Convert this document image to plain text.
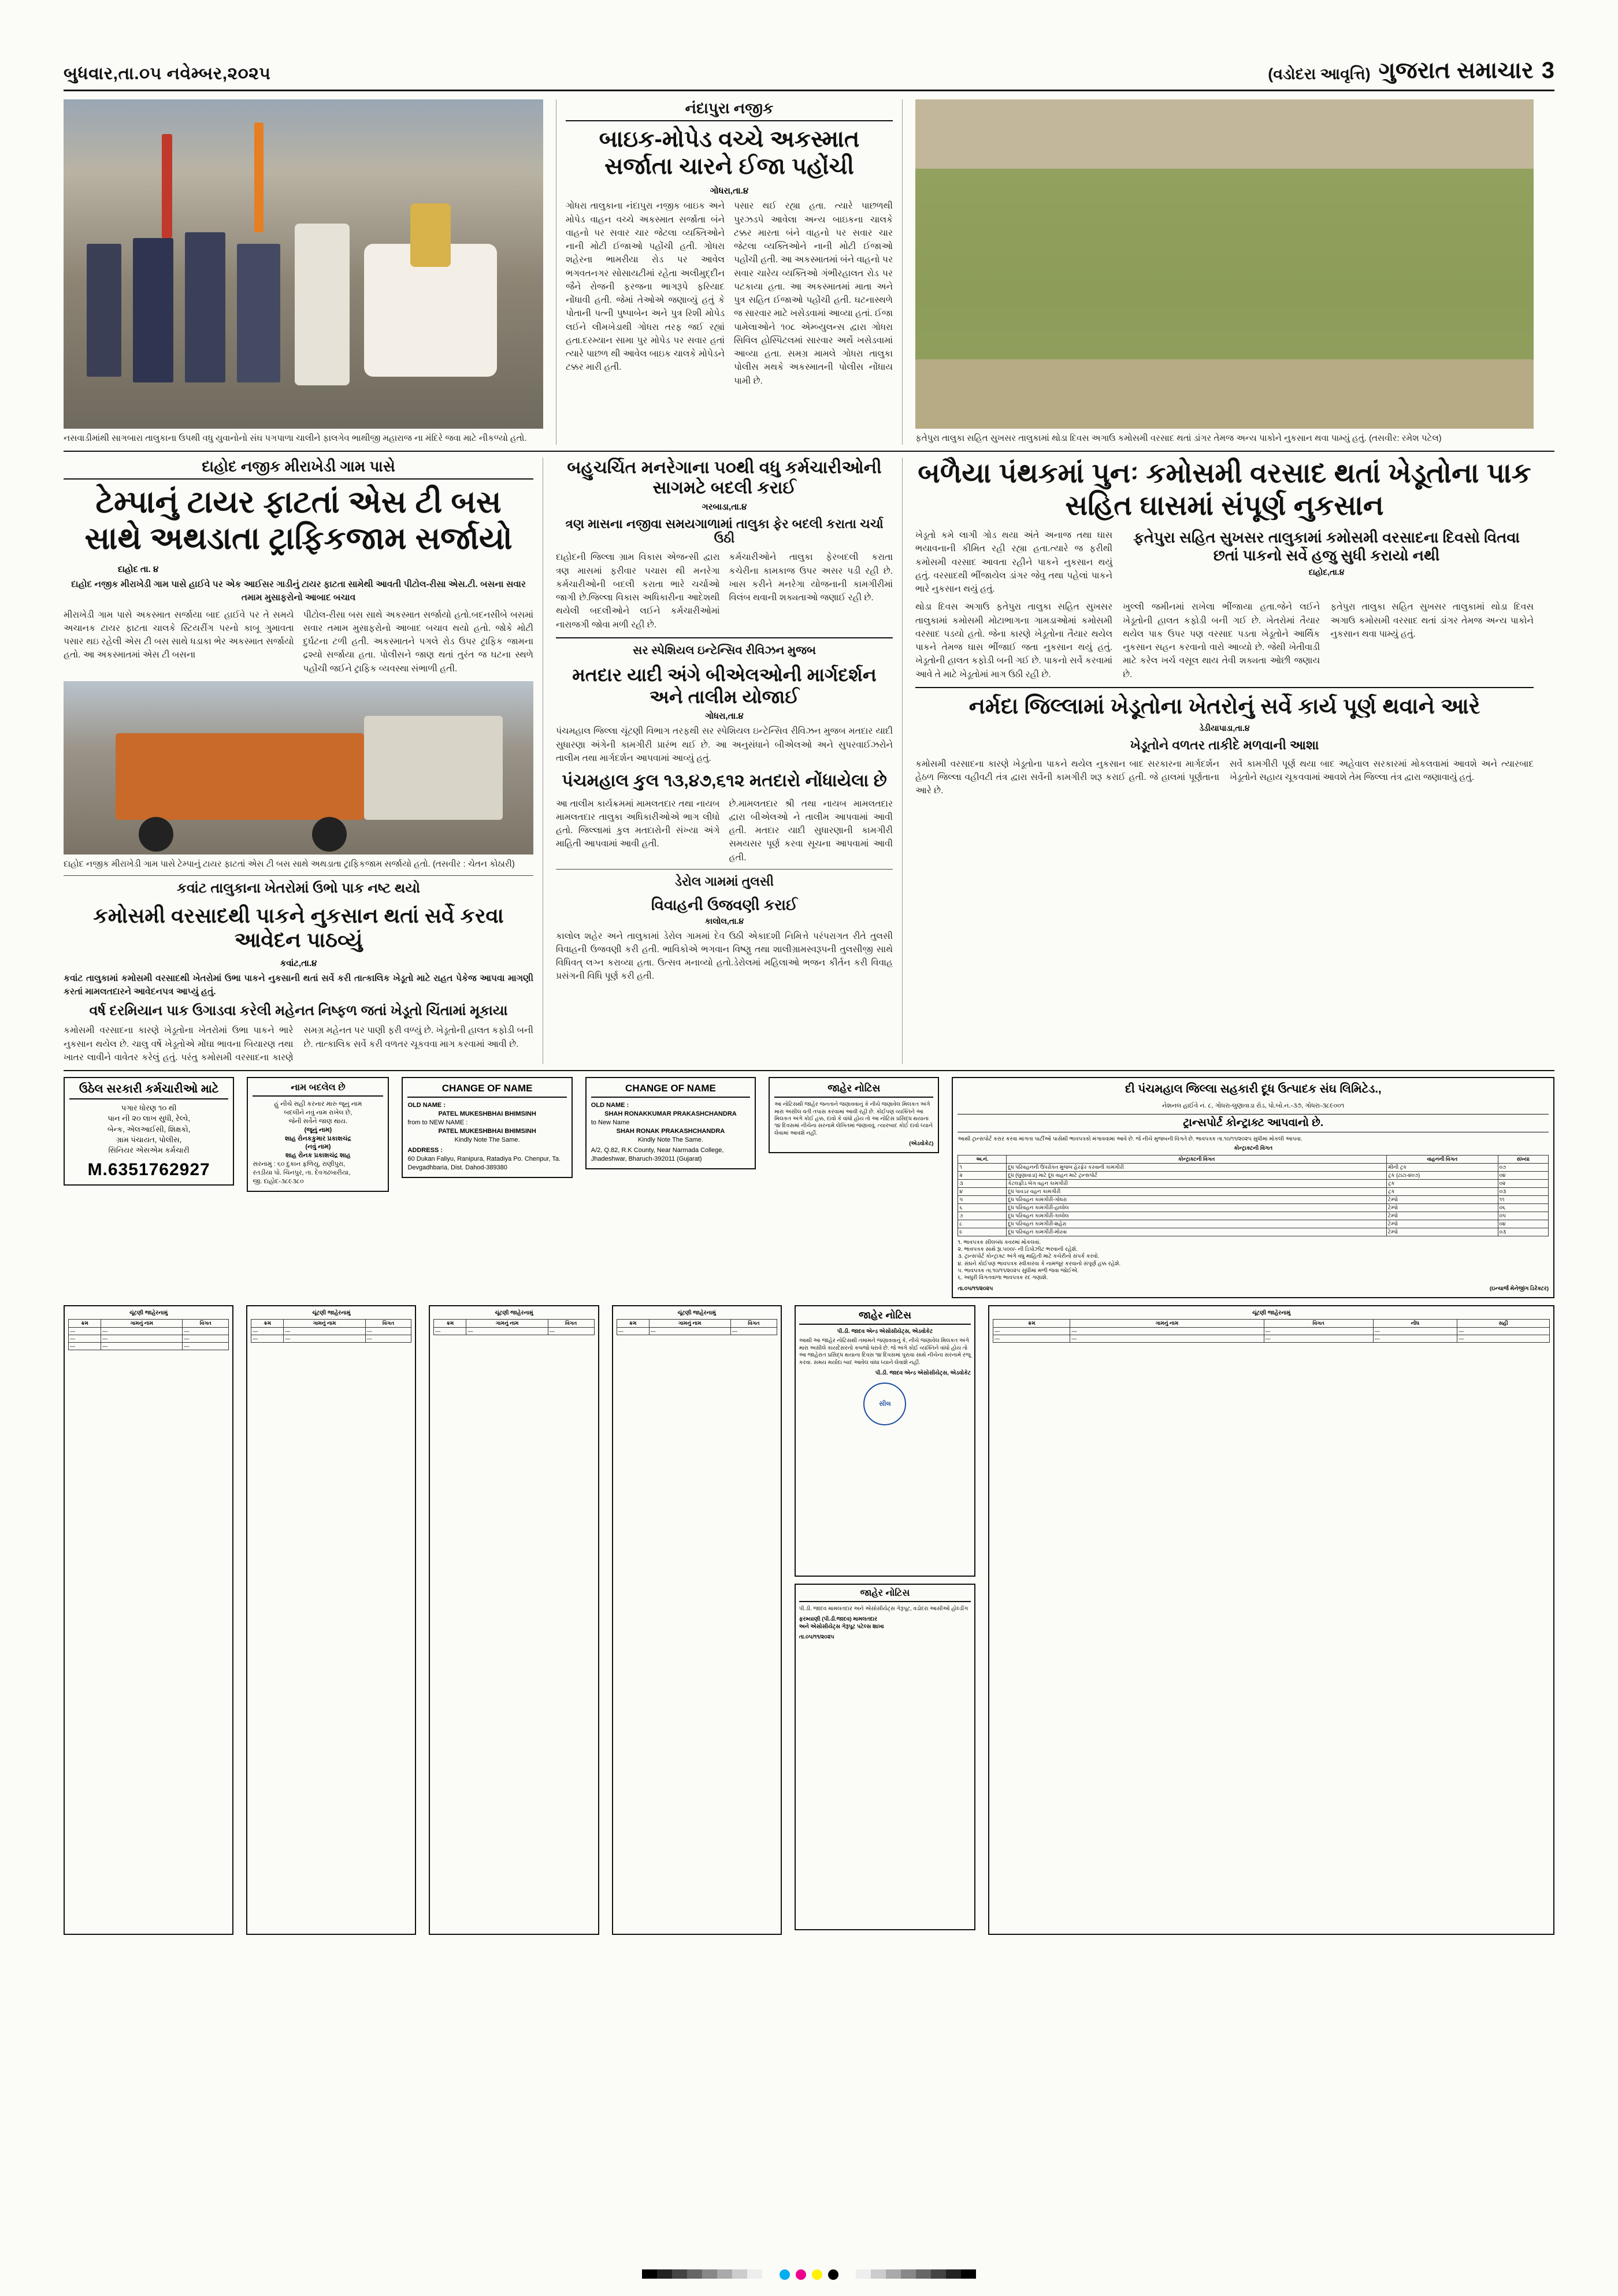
બુધવાર,તા.૦૫ નવેમ્બર,૨૦૨૫	(વડોદરા આવૃત્તિ) ગુજરાત સમાચાર 3
નસવાડીમાંથી સાગબારા તાલુકાના ઉપથી વધુ યુવાનોનો સંઘ પગપાળા ચાલીને ફાલગેવ ભાથીજી મહારાજ ના મંદિરે જવા માટે નીકળ્યો હતો.
નંદાપુરા નજીક
બાઇક-મોપેડ વચ્ચે અકસ્માત સર્જાતા ચારને ઈજા પહોંચી
ગોધરા,તા.૪
ગોધરા તાલુકાના નંદાપુરા નજીક બાઇક અને મોપેડ વાહન વચ્ચે અકસ્માત સર્જાતા બંને વાહનો પર સવાર ચાર જેટલા વ્યક્તિઓને નાની મોટી ઈજાઓ પહોંચી હતી. ગોધરા શહેરના ભામરીયા રોડ પર આવેલ ભગવતનગર સોસાયટીમાં રહેતા અલીમુદ્દીન જૈને રોજની ફરજના ભાગરૂપે ફરિયાદ નોંધાવી હતી. જેમાં તેઓએ જણાવ્યું હતું કે પોતાની પત્ની પુષ્પાબેન અને પુત્ર રિશી મોપેડ લઈને લીમખેડાથી ગોધરા તરફ જઈ રહ્યાં હતા.દરમ્યાન સામા પુર મોપેડ પર સવાર હતાં ત્યારે પાછળ થી આવેલ બાઇક ચાલકે મોપેડને ટક્કર મારી હતી.
પસાર થઈ રહ્યા હતા. ત્યારે પાછળથી પુરઝડપે આવેલા અન્ય બાઇકના ચાલકે ટક્કર મારતા બંને વાહનો પર સવાર ચાર જેટલા વ્યક્તિઓને નાની મોટી ઈજાઓ પહોંચી હતી. આ અકસ્માતમાં બંને વાહનો પર સવાર ચારેય વ્યક્તિઓ ગંભીરહાલત રોડ પર પટકાયા હતા. આ અકસ્માતમાં માતા અને પુત્ર સહિત ઈજાઓ પહોંચી હતી. ઘટનાસ્થળે જ સારવાર માટે ખસેડવામાં આવ્યા હતાં. ઈજા પામેલાઓને ૧૦૮ એમ્બ્યુલન્સ દ્વારા ગોધરા સિવિલ હોસ્પિટલમાં સારવાર અર્થે ખસેડવામાં આવ્યા હતા. સમગ્ર મામલે ગોધરા તાલુકા પોલીસ મથકે અકસ્માતની પોલીસ નોંધાય પામી છે.
ફતેપુરા તાલુકા સહિત સુખસર તાલુકામાં થોડા દિવસ અગાઉ કમોસમી વરસાદ થતાં ડાંગર તેમજ અન્ય પાકોને નુકસાન થવા પામ્યું હતું. (તસવીર: રમેશ પટેલ)
દાહોદ નજીક મીરાખેડી ગામ પાસે
ટેમ્પાનું ટાયર ફાટતાં એસ ટી બસ સાથે અથડાતા ટ્રાફિકજામ સર્જાયો
દાહોદ તા. ૪
દાહોદ નજીક મીરાખેડી ગામ પાસે હાઈવે પર એક આઈસર ગાડીનું ટાયર ફાટતા સામેથી આવતી પીટોલ-રીસા એસ.ટી. બસના સવાર તમામ મુસાફરોનો આબાદ બચાવ
મીરાખેડી ગામ પાસે અકસ્માત સર્જાયા બાદ હાઈવે પર તે સમયે અચાનક ટાયર ફાટતા ચાલકે સ્ટિયરીંગ પરનો કાબૂ ગુમાવતા પસાર થઇ રહેલી એસ ટી બસ સાથે ધડાકા ભેર અકસ્માત સર્જાયો હતો. આ અકસ્માતમાં એસ ટી બસના
પીટોલ-રીસા બસ સાથે અકસ્માત સર્જાયો હતો.બદનસીબે બસમાં સવાર તમામ મુસાફરોનો આબાદ બચાવ થયો હતો. જોકે મોટી દુર્ઘટના ટળી હતી. અકસ્માતને પગલે રોડ ઉપર ટ્રાફિક જામના દ્રશ્યો સર્જાયા હતા. પોલીસને જાણ થતાં તુરંત જ ઘટના સ્થળે પહોંચી જઈને ટ્રાફિક વ્યવસ્થા સંભાળી હતી.
દાહોદ નજીક મીરાખેડી ગામ પાસે ટેમ્પાનું ટાયર ફાટતાં એસ ટી બસ સાથે અથડાતા ટ્રાફિકજામ સર્જાયો હતો. (તસવીર : ચેતન કોઠારી)
કવાંટ તાલુકાના ખેતરોમાં ઉભો પાક નષ્ટ થયો
કમોસમી વરસાદથી પાકને નુકસાન થતાં સર્વે કરવા આવેદન પાઠવ્યું
કવાંટ,તા.૪
કવાંટ તાલુકામાં કમોસમી વરસાદથી ખેતરોમાં ઉભા પાકને નુકસાની થતાં સર્વે કરી તાત્કાલિક ખેડૂતો માટે રાહત પેકેજ આપવા માગણી કરતાં મામલતદારને આવેદનપત્ર આપ્યું હતું.
વર્ષ દરમિયાન પાક ઉગાડવા કરેલી મહેનત નિષ્ફળ જતાં ખેડૂતો ચિંતામાં મૂકાયા
કમોસમી વરસાદના કારણે ખેડૂતોના ખેતરોમાં ઉભા પાકને ભારે નુકસાન થયેલ છે. ચાલુ વર્ષે ખેડૂતોએ મોંઘા ભાવના બિયારણ તથા ખાતર લાવીને વાવેતર કરેલું હતું. પરંતુ કમોસમી વરસાદના કારણે સમગ્ર મહેનત પર પાણી ફરી વળ્યું છે. ખેડૂતોની હાલત કફોડી બની છે. તાત્કાલિક સર્વે કરી વળતર ચૂકવવા માગ કરવામાં આવી છે.
બહુચર્ચિત મનરેગાના ૫૦થી વધુ કર્મચારીઓની સાગમટે બદલી કરાઈ
ગરબાડા,તા.૪
ત્રણ માસના નજીવા સમયગાળામાં તાલુકા ફેર બદલી કરાતા ચર્ચા ઉઠી
દાહોદની જિલ્લા ગ્રામ વિકાસ એજન્સી દ્વારા ત્રણ માસમાં ફરીવાર પચાસ થી મનરેગા કર્મચારીઓની બદલી કરાતા ભારે ચર્ચાઓ જાગી છે.જિલ્લા વિકાસ અધિકારીના આદેશથી થયેલી બદલીઓને લઈને કર્મચારીઓમાં નારાજગી જોવા મળી રહી છે.
કર્મચારીઓને તાલુકા ફેરબદલી કરાતા કચેરીના કામકાજ ઉપર અસર પડી રહી છે. ખાસ કરીને મનરેગા યોજનાની કામગીરીમાં વિલંબ થવાની શક્યતાઓ જણાઈ રહી છે.
સર સ્પેશિયલ ઇન્ટેન્સિવ રીવિઝન મુજબ
મતદાર યાદી અંગે બીએલઓની માર્ગદર્શન અને તાલીમ યોજાઈ
ગોધરા,તા.૪
પંચમહાલ જિલ્લા ચૂંટણી વિભાગ તરફથી સર સ્પેશિયલ ઇન્ટેન્સિવ રીવિઝન મુજબ મતદાર યાદી સુધારણા અંગેની કામગીરી પ્રારંભ થઈ છે. આ અનુસંધાને બીએલઓ અને સુપરવાઈઝરોને તાલીમ તથા માર્ગદર્શન આપવામાં આવ્યું હતું.
પંચમહાલ કુલ ૧૩,૪૭,૬૧૨ મતદારો નોંધાયેલા છે
આ તાલીમ કાર્યક્રમમાં મામલતદાર તથા નાયબ મામલતદાર તાલુકા અધિકારીઓએ ભાગ લીધો હતો. જિલ્લામાં કુલ મતદારોની સંખ્યા અંગે માહિતી આપવામાં આવી હતી.
છે.મામલતદાર શ્રી તથા નાયબ મામલતદાર દ્વારા બીએલઓ ને તાલીમ આપવામાં આવી હતી. મતદાર યાદી સુધારણાની કામગીરી સમયસર પૂર્ણ કરવા સૂચના આપવામાં આવી હતી.
ડેરોલ ગામમાં તુલસી
વિવાહની ઉજવણી કરાઈ
કાલોલ,તા.૪
કાલોલ શહેર અને તાલુકામાં ડેરોલ ગામમાં દેવ ઉઠી એકાદશી નિમિત્તે પરંપરાગત રીતે તુલસી વિવાહની ઉજવણી કરી હતી. ભાવિકોએ ભગવાન વિષ્ણુ તથા શાલીગ્રામસ્વરૂપની તુલસીજી સાથે વિધિવત્ લગ્ન કરાવ્યા હતા. ઉત્સવ મનાવ્યો હતો.ડેરોલમાં મહિલાઓ ભજન કીર્તન કરી વિવાહ પ્રસંગની વિધિ પૂર્ણ કરી હતી.
બળૈયા પંથકમાં પુનઃ કમોસમી વરસાદ થતાં ખેડૂતોના પાક સહિત ઘાસમાં સંપૂર્ણ નુકસાન
ખેડૂતો કમે લાગી ગોડ થયા અંતે અનાજ તથા ઘાસ ભયાવનાની કીમિત રહી રહ્યા હતા.ત્યારે જ ફરીથી કમોસમી વરસાદ આવતા રહીને પાકને નુકસાન થયું હતું. વરસાદથી ભીંજાયેલ ડાંગર જેવુ તથા પહેલાં પાકને ભારે નુકસાન થયું હતું.
ફતેપુરા સહિત સુખસર તાલુકામાં કમોસમી વરસાદના દિવસો વિતવા છતાં પાકનો સર્વે હજુ સુધી કરાયો નથી
દાહોદ,તા.૪
થોડા દિવસ અગાઉ ફતેપુરા તાલુકા સહિત સુખસર તાલુકામાં કમોસમી મોટાભાગના ગામડાઓમાં કમોસમી વરસાદ પડયો હતો. જેના કારણે ખેડૂતોના તૈયાર થયેલ પાકને તેમજ ઘાસ ભીંજાઈ જતા નુકસાન થયું હતું. ખેડૂતોની હાલત કફોડી બની ગઈ છે. પાકનો સર્વે કરવામાં આવે તે માટે ખેડૂતોમાં માગ ઉઠી રહી છે.
ખુલ્લી જમીનમાં રાખેલા ભીંજાયા હતા.જેને લઈને ખેડૂતોની હાલત કફોડી બની ગઈ છે. ખેતરોમાં તૈયાર થયેલ પાક ઉપર પણ વરસાદ પડતા ખેડૂતોને આર્થિક નુકસાન સહન કરવાનો વારો આવ્યો છે. જેથી ખેતીવાડી માટે કરેલ ખર્ચ વસૂલ થાય તેવી શક્યતા ઓછી જણાય છે.
ફતેપુરા તાલુકા સહિત સુખસર તાલુકામાં થોડા દિવસ અગાઉ કમોસમી વરસાદ થતાં ડાંગર તેમજ અન્ય પાકોને નુકસાન થવા પામ્યું હતું.
નર્મદા જિલ્લામાં ખેડૂતોના ખેતરોનું સર્વે કાર્ય પૂર્ણ થવાને આરે
ડેડીયાપાડા,તા.૪
ખેડૂતોને વળતર તાકીદે મળવાની આશા
કમોસમી વરસાદના કારણે ખેડૂતોના પાકને થયેલ નુકસાન બાદ સરકારના માર્ગદર્શન હેઠળ જિલ્લા વહીવટી તંત્ર દ્વારા સર્વેની કામગીરી શરૂ કરાઈ હતી. જે હાલમાં પૂર્ણતાના આરે છે.
સર્વે કામગીરી પૂર્ણ થયા બાદ અહેવાલ સરકારમાં મોકલવામાં આવશે અને ત્યારબાદ ખેડૂતોને સહાય ચૂકવવામાં આવશે તેમ જિલ્લા તંત્ર દ્વારા જણાવાયું હતું.
ઉઠેલ સરકારી કર્મચારીઓ માટે
પગાર ધોરણ ૧૦ થી
પાન ની ૨૦ લાખ સુધી, રેલ્વે,
બેન્ક, એલઆઈસી, શિક્ષકો,
ગ્રામ પંચાયત, પોલીસ,
સિનિયર એસએમ કર્મચારી
M.6351762927
નામ બદલેલ છે
હું નીચે સહી કરનાર મારું જૂનું નામ
બદલીને નવું નામ રાખેલ છે,
જેની સર્વેને જાણ થાય.
(જૂનું નામ)
શાહ રોનકકુમાર પ્રકાશચંદ્ર
(નવું નામ)
શાહ રોનક પ્રકાશચંદ્ર શાહ
સરનામું : ૬૦ દુકાન ફળિયુ, રાણીપુરા,
રતડીયા પો. ચિનપુર, તા. દેવગઢબારીયા,
જી. દાહોદ-૩૮૯૩૮૦
CHANGE OF NAME
OLD NAME :
PATEL MUKESHBHAI BHIMSINH
from to NEW NAME :
PATEL MUKESHBHAI BHIMSINH
Kindly Note The Same.
ADDRESS :
60 Dukan Faliyu, Ranipura, Ratadiya Po. Chenpur, Ta. Devgadhbaria, Dist. Dahod-389380
CHANGE OF NAME
OLD NAME :
SHAH RONAKKUMAR PRAKASHCHANDRA
to New Name
SHAH RONAK PRAKASHCHANDRA
Kindly Note The Same.
A/2, Q.82, R.K County, Near Narmada College, Jhadeshwar, Bharuch-392011 (Gujarat)
જાહેર નોટિસ
આ નોટિસથી જાહેર જનતાને જણાવવાનું કે નીચે જણાવેલ મિલકત અંગે મારા અસીલ વતી તપાસ કરવામાં આવી રહી છે. કોઈપણ વ્યક્તિને આ મિલકત અંગે કોઈ હક્ક, દાવો કે વાંધો હોય તો આ નોટિસ પ્રસિદ્ધ થયાના ૧૪ દિવસમાં નીચેના સરનામે લેખિતમાં જણાવવું. ત્યારબાદ કોઈ દાવો ધ્યાને લેવામાં આવશે નહીં.
(એડવોકેટ)
દી પંચમહાલ જિલ્લા સહકારી દૂધ ઉત્પાદક સંઘ લિમિટેડ.,
નેશનલ હાઈવે નં. ૮, ગોધરા-લુણાવાડા રોડ, પો.બો.નં.-૩૭, ગોધરા-૩૮૯૦૦૧
ટ્રાન્સપોર્ટ કોન્ટ્રાક્ટ આપવાનો છે.
આથી ટ્રાન્સપોર્ટ કરાર કરવા માંગતા પાર્ટીઓ પાસેથી ભાવપત્રકો મંગાવવામાં આવે છે. જે નીચે મુજબની વિગતે છે. ભાવપત્રક તા.૧૦/૧૧/૨૦૨૫ સુધીમાં મોકલી આપવા.
કોન્ટ્રાક્ટની વિગત
અ.નં.	કોન્ટ્રાક્ટની વિગત	વાહનની વિગત	સંખ્યા
૧	દૂધ પરિવહનની ઉપરોક્ત મુજબ હેરફેર કરવાની કામગીરી	મીની ટ્રક	૦૭
૨	દૂધ (લુણાવાડા) માટે દૂધ વાહન માટે ટ્રાન્સપોર્ટ	ટ્રક (ટાટા-૪૦૭)	૦૪
૩	કેટલફીડ બેગ વહન કામગીરી	ટ્રક	૦૨
૪	દૂધ પાવડર વહન કામગીરી	ટ્રક	૦૩
૫	દૂધ પરિવહન કામગીરી-ગોધરા	ટેમ્પો	૧૧
૬	દૂધ પરિવહન કામગીરી-હાલોલ	ટેમ્પો	૦૬
૭	દૂધ પરિવહન કામગીરી-કાલોલ	ટેમ્પો	૦૫
૮	દૂધ પરિવહન કામગીરી-શહેરા	ટેમ્પો	૦૪
૯	દૂધ પરિવહન કામગીરી-મોરવા	ટેમ્પો	૦૩
૧. ભાવપત્રક સીલબંધ કવરમાં મોકલવાં.
૨. ભાવપત્રક સાથે રૂા.૫૦૦/- ની ડિપોઝીટ ભરવાની રહેશે.
૩. ટ્રાન્સપોર્ટ કોન્ટ્રાક્ટ અંગે વધુ માહિતી માટે કચેરીનો સંપર્ક કરવો.
૪. સંઘને કોઈપણ ભાવપત્રક સ્વીકારવા કે નામંજૂર કરવાનો સંપૂર્ણ હક્ક રહેશે.
૫. ભાવપત્રક તા.૧૦/૧૧/૨૦૨૫ સુધીમાં મળી જવા જોઈએ.
૬. અધુરી વિગતવાળા ભાવપત્રક રદ ગણાશે.
તા.૦૫/૧૧/૨૦૨૫	(ઇન્ચાર્જ મેનેજીંગ ડિરેક્ટર)
ચૂંટણી જાહેરનામું
ક્રમ	ગામનું નામ	વિગત
—	—	—
—	—	—
—	—	—
ચૂંટણી જાહેરનામું
ક્રમ	ગામનું નામ	વિગત
—	—	—
—	—	—
ચૂંટણી જાહેરનામું
ક્રમ	ગામનું નામ	વિગત
—	—	—
ચૂંટણી જાહેરનામું
ક્રમ	ગામનું નામ	વિગત
—	—	—
જાહેર નોટિસ
પી.ડી. જાદવ એન્ડ એસોસીયેટ્સ, એડવોકેટ
આથી આ જાહેર નોટિસથી તમામને જણાવવાનું કે, નીચે જણાવેલ મિલકત અંગે મારા અસીલે કાયદેસરનો કબજો ધરાવે છે. જે અંગે કોઈ વ્યક્તિને વાંધો હોય તો આ જાહેરાત પ્રસિદ્ધ થયાના દિવસ ૧૪ દિવસમાં પુરાવા સાથે નીચેના સરનામે રજૂ કરવા. સમય મર્યાદા બાદ આવેલ વાંધા ધ્યાને લેવાશે નહીં.
પી.ડી. જાદવ એન્ડ એસોસીયેટ્સ, એડવોકેટ
સીલ
જાહેર નોટિસ
પી.ડી. જાદવ મામલતદાર અને એસોસીયેટ્સ ગેરૂપૂટ, વડોદરા આસીઓ હોલ્ડીંગ
ફરમ્યાણી (પી.ડી.જાદવ) મામલતદાર
અને એસોસીયેટ્સ ગેરૂપૂટ પટેલ્સ શાખા
તા.૦૫/૧૧/૨૦૨૫
ચૂંટણી જાહેરનામું
ક્રમ	ગામનું નામ	વિગત	નોંધ	સહી
—	—	—	—	—
—	—	—	—	—
